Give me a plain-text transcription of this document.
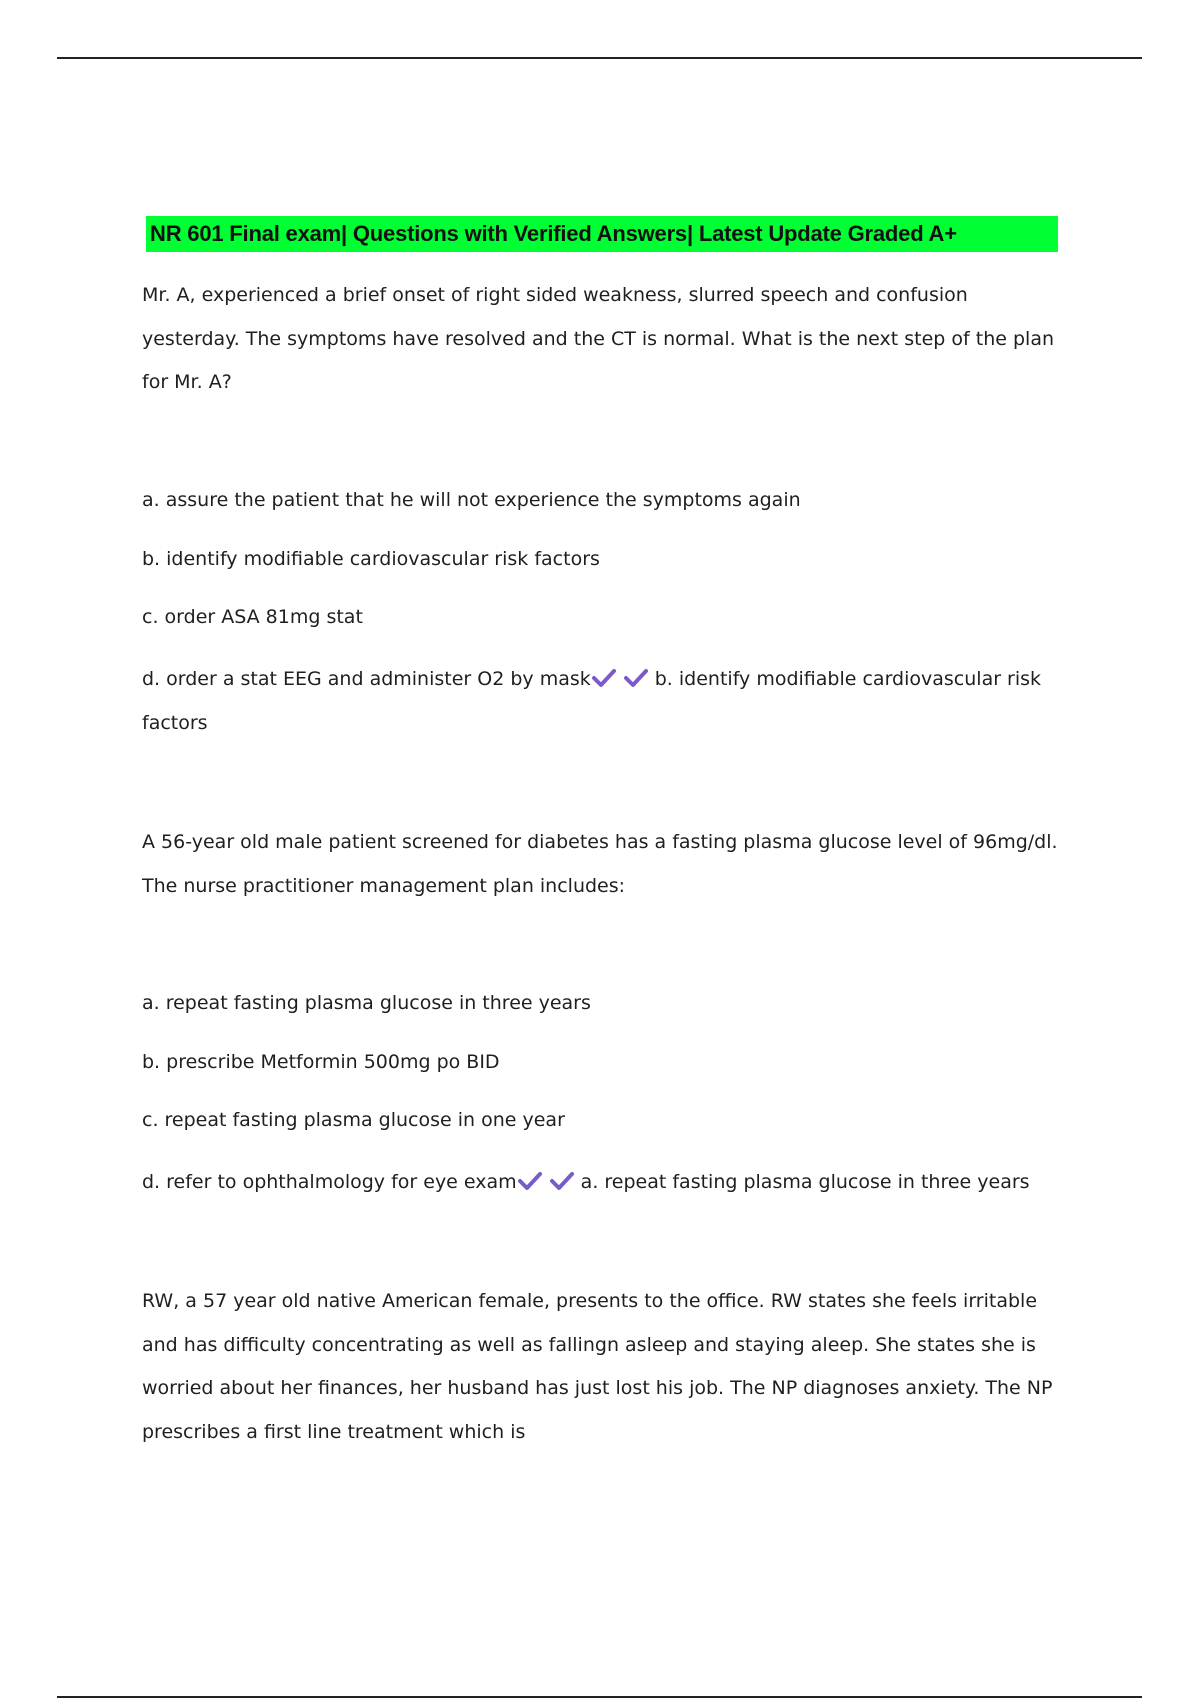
NR 601 Final exam| Questions with Verified Answers| Latest Update Graded A+

Mr. A, experienced a brief onset of right sided weakness, slurred speech and confusion yesterday. The symptoms have resolved and the CT is normal. What is the next step of the plan for Mr. A?

a. assure the patient that he will not experience the symptoms again

b. identify modifiable cardiovascular risk factors

c. order ASA 81mg stat

d. order a stat EEG and administer O2 by mask	b. identify modifiable cardiovascular risk factors

A 56-year old male patient screened for diabetes has a fasting plasma glucose level of 96mg/dl. The nurse practitioner management plan includes:

a. repeat fasting plasma glucose in three years

b. prescribe Metformin 500mg po BID

c. repeat fasting plasma glucose in one year

d. refer to ophthalmology for eye exam	a. repeat fasting plasma glucose in three years

RW, a 57 year old native American female, presents to the office. RW states she feels irritable and has difficulty concentrating as well as fallingn asleep and staying aleep. She states she is worried about her finances, her husband has just lost his job. The NP diagnoses anxiety. The NP prescribes a first line treatment which is
